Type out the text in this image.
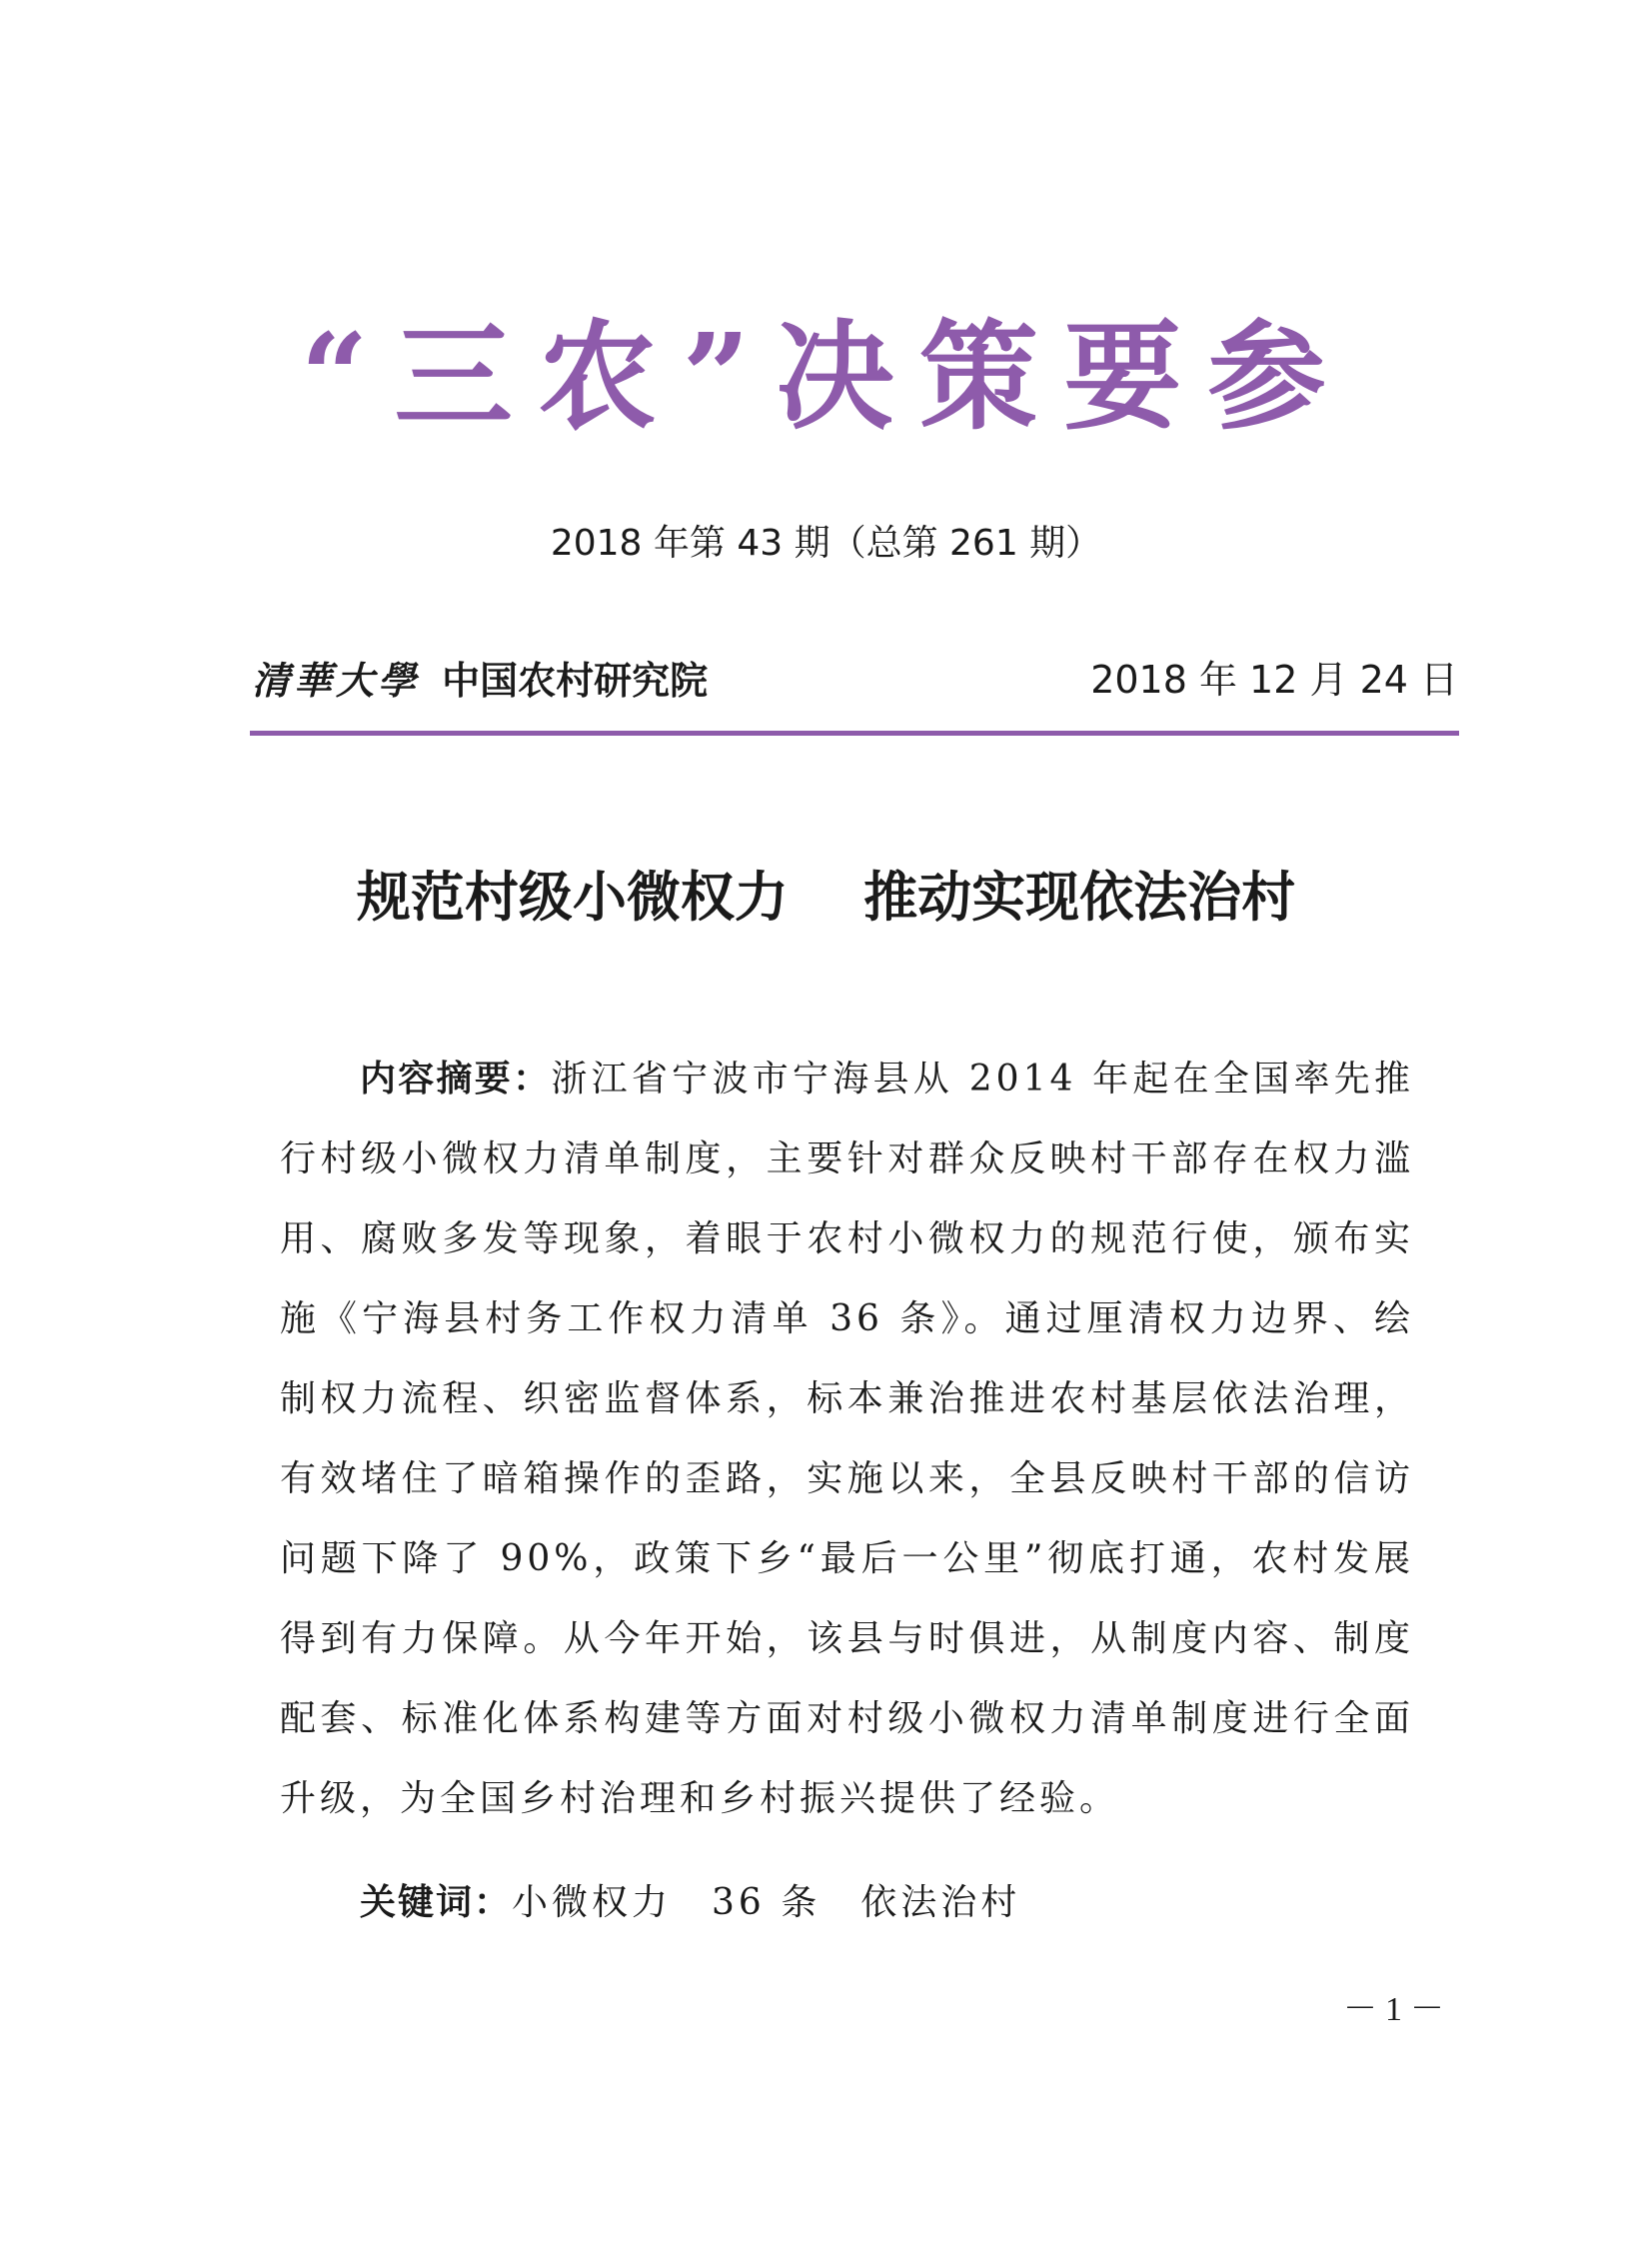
“三农”决策要参
2018 年第 43 期（总第 261 期）
清華大學 中国农村研究院	2018 年 12 月 24 日
规范村级小微权力    推动实现依法治村

内容摘要：浙江省宁波市宁海县从 2014 年起在全国率先推行村级小微权力清单制度，主要针对群众反映村干部存在权力滥用、腐败多发等现象，着眼于农村小微权力的规范行使，颁布实施《宁海县村务工作权力清单 36 条》。通过厘清权力边界、绘制权力流程、织密监督体系，标本兼治推进农村基层依法治理，有效堵住了暗箱操作的歪路，实施以来，全县反映村干部的信访问题下降了 90%，政策下乡“最后一公里”彻底打通，农村发展得到有力保障。从今年开始，该县与时俱进，从制度内容、制度配套、标准化体系构建等方面对村级小微权力清单制度进行全面升级，为全国乡村治理和乡村振兴提供了经验。

关键词：小微权力 36 条 依法治村
－1－
